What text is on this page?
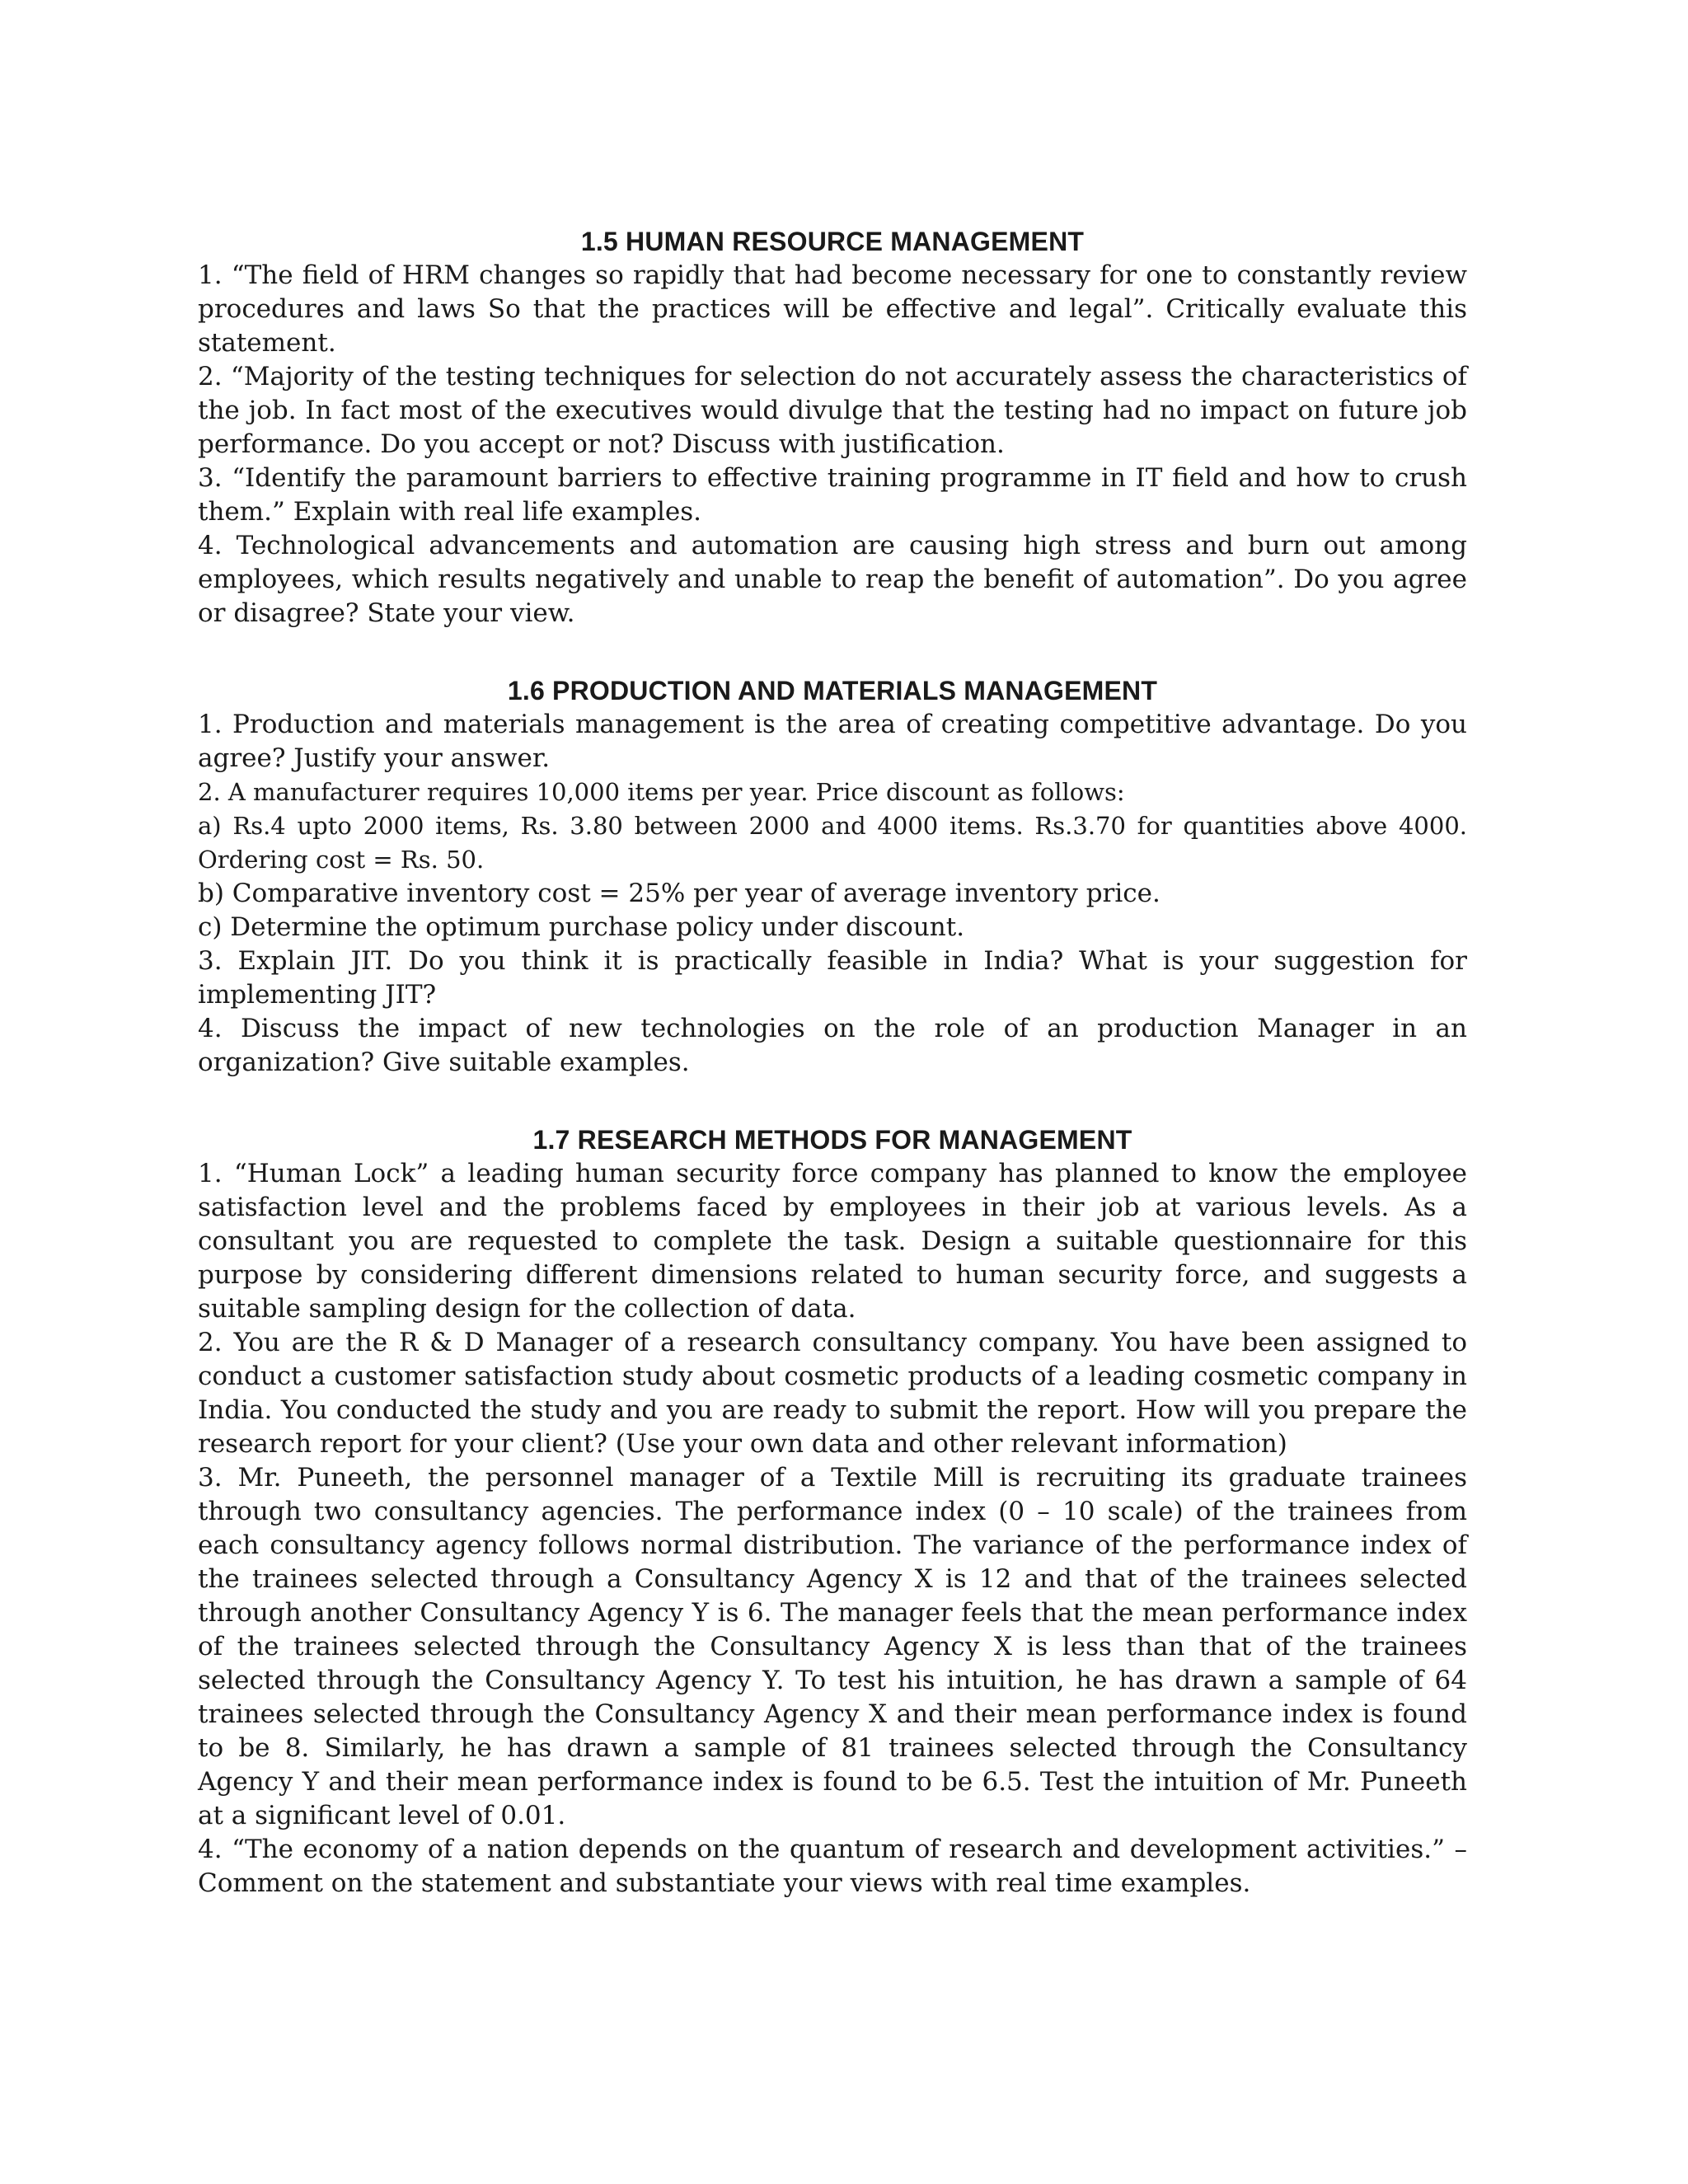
1.5 HUMAN RESOURCE MANAGEMENT

1. “The field of HRM changes so rapidly that had become necessary for one to constantly review procedures and laws So that the practices will be effective and legal”. Critically evaluate this statement.

2. “Majority of the testing techniques for selection do not accurately assess the characteristics of the job. In fact most of the executives would divulge that the testing had no impact on future job performance. Do you accept or not? Discuss with justification.

3. “Identify the paramount barriers to effective training programme in IT field and how to crush them.” Explain with real life examples.

4. Technological advancements and automation are causing high stress and burn out among employees, which results negatively and unable to reap the benefit of automation”. Do you agree or disagree? State your view.

1.6 PRODUCTION AND MATERIALS MANAGEMENT

1. Production and materials management is the area of creating competitive advantage. Do you agree? Justify your answer.

2. A manufacturer requires 10,000 items per year. Price discount as follows:

a) Rs.4 upto 2000 items, Rs. 3.80 between 2000 and 4000 items. Rs.3.70 for quantities above 4000. Ordering cost = Rs. 50.

b) Comparative inventory cost = 25% per year of average inventory price.

c) Determine the optimum purchase policy under discount.

3. Explain JIT. Do you think it is practically feasible in India? What is your suggestion for implementing JIT?

4. Discuss the impact of new technologies on the role of an production Manager in an organization? Give suitable examples.

1.7 RESEARCH METHODS FOR MANAGEMENT

1. “Human Lock” a leading human security force company has planned to know the employee satisfaction level and the problems faced by employees in their job at various levels. As a consultant you are requested to complete the task. Design a suitable questionnaire for this purpose by considering different dimensions related to human security force, and suggests a suitable sampling design for the collection of data.

2. You are the R & D Manager of a research consultancy company. You have been assigned to conduct a customer satisfaction study about cosmetic products of a leading cosmetic company in India. You conducted the study and you are ready to submit the report. How will you prepare the research report for your client? (Use your own data and other relevant information)

3. Mr. Puneeth, the personnel manager of a Textile Mill is recruiting its graduate trainees through two consultancy agencies. The performance index (0 – 10 scale) of the trainees from each consultancy agency follows normal distribution. The variance of the performance index of the trainees selected through a Consultancy Agency X is 12 and that of the trainees selected through another Consultancy Agency Y is 6. The manager feels that the mean performance index of the trainees selected through the Consultancy Agency X is less than that of the trainees selected through the Consultancy Agency Y. To test his intuition, he has drawn a sample of 64 trainees selected through the Consultancy Agency X and their mean performance index is found to be 8. Similarly, he has drawn a sample of 81 trainees selected through the Consultancy Agency Y and their mean performance index is found to be 6.5. Test the intuition of Mr. Puneeth at a significant level of 0.01.

4. “The economy of a nation depends on the quantum of research and development activities.” – Comment on the statement and substantiate your views with real time examples.
